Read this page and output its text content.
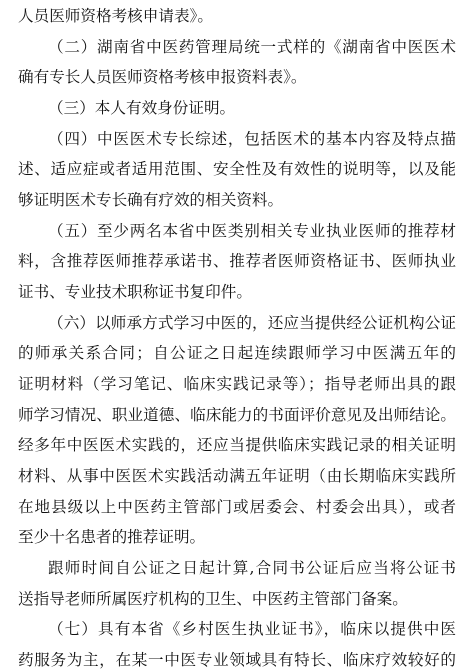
人员医师资格考核申请表》。
（二）湖南省中医药管理局统一式样的《湖南省中医医术
确有专长人员医师资格考核申报资料表》。
（三）本人有效身份证明。
（四）中医医术专长综述，包括医术的基本内容及特点描
述、适应症或者适用范围、安全性及有效性的说明等，以及能
够证明医术专长确有疗效的相关资料。
（五）至少两名本省中医类别相关专业执业医师的推荐材
料，含推荐医师推荐承诺书、推荐者医师资格证书、医师执业
证书、专业技术职称证书复印件。
（六）以师承方式学习中医的，还应当提供经公证机构公证
的师承关系合同；自公证之日起连续跟师学习中医满五年的
证明材料（学习笔记、临床实践记录等）；指导老师出具的跟
师学习情况、职业道德、临床能力的书面评价意见及出师结论。
经多年中医医术实践的，还应当提供临床实践记录的相关证明
材料、从事中医医术实践活动满五年证明（由长期临床实践所
在地县级以上中医药主管部门或居委会、村委会出具），或者
至少十名患者的推荐证明。
跟师时间自公证之日起计算,合同书公证后应当将公证书
送指导老师所属医疗机构的卫生、中医药主管部门备案。
（七）具有本省《乡村医生执业证书》，临床以提供中医
药服务为主，在某一中医专业领域具有特长、临床疗效较好的
